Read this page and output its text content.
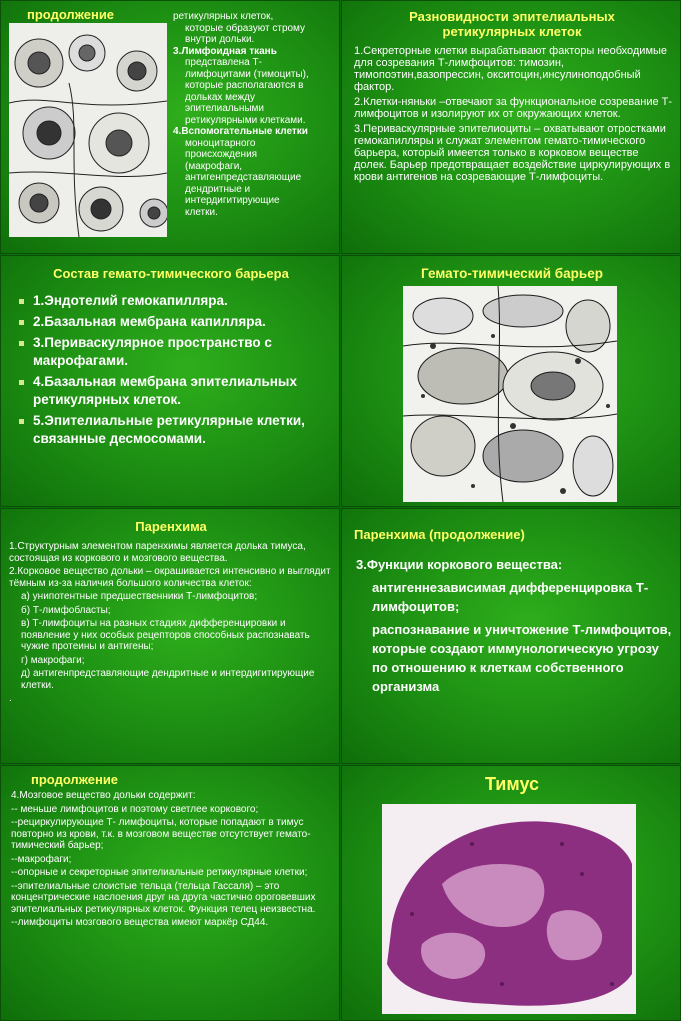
продолжение	ретикулярных клеток,
которые образуют строму
внутри дольки.
3.Лимфоидная ткань
представлена Т-
лимфоцитами (тимоциты),
которые располагаются в
дольках между
эпителиальными
ретикулярными клетками.
4.Вспомогательные клетки
моноцитарного
происхождения
(макрофаги,
антигенпредставляющие
дендритные и
интердигитирующие
клетки.
Разновидности эпителиальных ретикулярных клеток
1.Секреторные клетки вырабатывают факторы необходимые для созревания Т-лимфоцитов: тимозин, тимопоэтин,вазопрессин, окситоцин,инсулиноподобный фактор.
2.Клетки-няньки –отвечают за функциональное созревание Т-лимфоцитов и изолируют их от окружающих клеток.
3.Периваскулярные эпителиоциты – охватывают отростками гемокапилляры и служат элементом гемато-тимического барьера, который имеется только в корковом веществе долек. Барьер предотвращает воздействие циркулирующих в крови антигенов на созревающие Т-лимфоциты.
Состав гемато-тимического барьера
1.Эндотелий гемокапилляра.
2.Базальная мембрана капилляра.
3.Периваскулярное пространство с макрофагами.
4.Базальная мембрана эпителиальных ретикулярных клеток.
5.Эпителиальные ретикулярные клетки, связанные десмосомами.
Гемато-тимический барьер
Паренхима
1.Структурным элементом паренхимы является долька тимуса, состоящая из коркового и мозгового вещества.
2.Корковое вещество дольки – окрашивается интенсивно и выглядит тёмным из-за наличия большого количества клеток:
а) унипотентные предшественники Т-лимфоцитов;
б) Т-лимфобласты;
в) Т-лимфоциты на разных стадиях дифференцировки и появление у них особых рецепторов способных распознавать чужие протеины и антигены;
г) макрофаги;
д) антигенпредставляющие дендритные и интердигитирующие клетки.
.
Паренхима (продолжение)
3.Функции коркового вещества:
антигеннезависимая дифференцировка Т-лимфоцитов;
распознавание и уничтожение Т-лимфоцитов, которые создают иммунологическую угрозу по отношению к клеткам собственного организма
продолжение
4.Мозговое вещество дольки содержит:
-- меньше лимфоцитов и поэтому светлее коркового;
--рециркулирующие Т- лимфоциты, которые попадают в тимус повторно из крови, т.к. в мозговом веществе отсутствует гемато-тимический барьер;
--макрофаги;
--опорные и секреторные эпителиальные ретикулярные клетки;
--эпителиальные слоистые тельца (тельца Гассаля) – это концентрические наслоения друг на друга частично ороговевших эпителиальных ретикулярных клеток. Функция телец неизвестна.
--лимфоциты мозгового вещества имеют маркёр СД44.
Тимус
